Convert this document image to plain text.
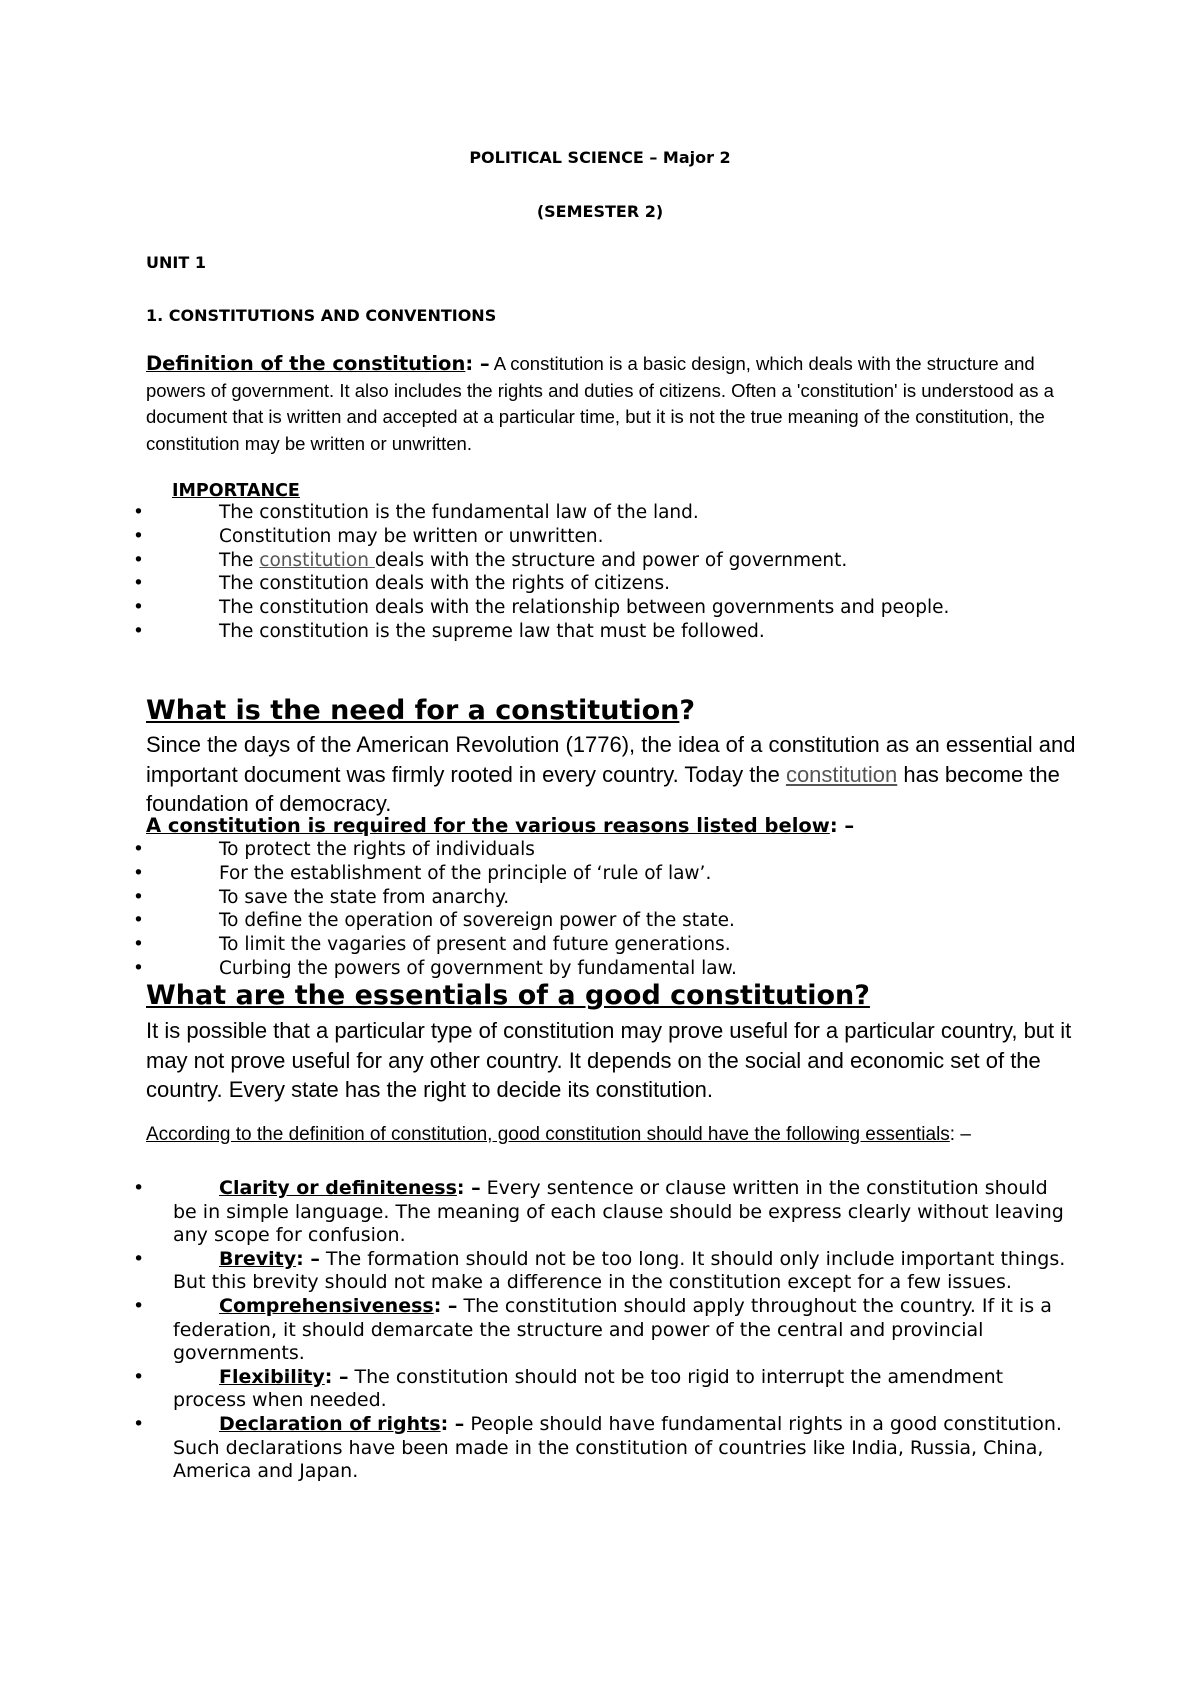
POLITICAL SCIENCE – Major 2
(SEMESTER 2)
UNIT 1
1. CONSTITUTIONS AND CONVENTIONS
Definition of the constitution: – A constitution is a basic design, which deals with the structure and powers of government. It also includes the rights and duties of citizens. Often a 'constitution' is understood as a document that is written and accepted at a particular time, but it is not the true meaning of the constitution, the constitution may be written or unwritten.
IMPORTANCE
•	The constitution is the fundamental law of the land.
•	Constitution may be written or unwritten.
•	The constitution deals with the structure and power of government.
•	The constitution deals with the rights of citizens.
•	The constitution deals with the relationship between governments and people.
•	The constitution is the supreme law that must be followed.
What is the need for a constitution?
Since the days of the American Revolution (1776), the idea of a constitution as an essential and important document was firmly rooted in every country. Today the constitution has become the foundation of democracy.
A constitution is required for the various reasons listed below: –
•	To protect the rights of individuals
•	For the establishment of the principle of ‘rule of law’.
•	To save the state from anarchy.
•	To define the operation of sovereign power of the state.
•	To limit the vagaries of present and future generations.
•	Curbing the powers of government by fundamental law.
What are the essentials of a good constitution?
It is possible that a particular type of constitution may prove useful for a particular country, but it may not prove useful for any other country. It depends on the social and economic set of the country. Every state has the right to decide its constitution.
According to the definition of constitution, good constitution should have the following essentials: –
•	Clarity or definiteness: – Every sentence or clause written in the constitution should be in simple language. The meaning of each clause should be express clearly without leaving any scope for confusion.
•	Brevity: – The formation should not be too long. It should only include important things. But this brevity should not make a difference in the constitution except for a few issues.
•	Comprehensiveness: – The constitution should apply throughout the country. If it is a federation, it should demarcate the structure and power of the central and provincial governments.
•	Flexibility: – The constitution should not be too rigid to interrupt the amendment process when needed.
•	Declaration of rights: – People should have fundamental rights in a good constitution. Such declarations have been made in the constitution of countries like India, Russia, China, America and Japan.
